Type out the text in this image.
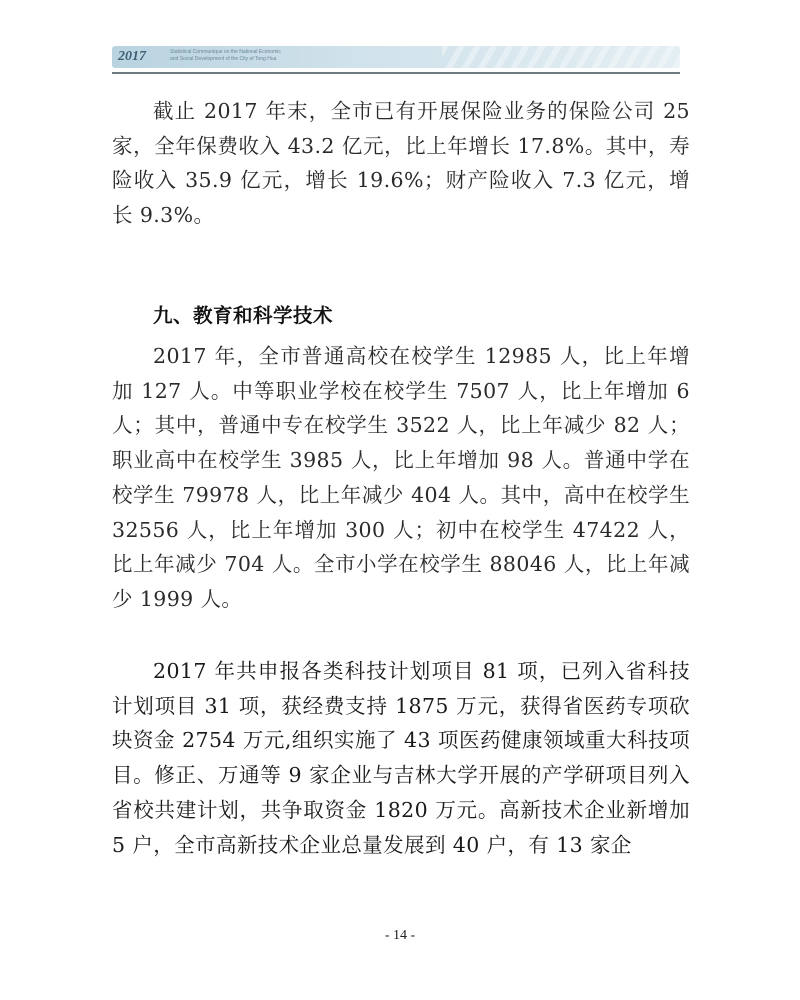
2017	Statistical Communique on the National Economic
and Social Development of the City of Tong Hua

截止 2017 年末，全市已有开展保险业务的保险公司 25 家，全年保费收入 43.2 亿元，比上年增长 17.8%。其中，寿险收入 35.9 亿元，增长 19.6%；财产险收入 7.3 亿元，增长 9.3%。

九、教育和科学技术

2017 年，全市普通高校在校学生 12985 人，比上年增加 127 人。中等职业学校在校学生 7507 人，比上年增加 6 人；其中，普通中专在校学生 3522 人，比上年减少 82 人；职业高中在校学生 3985 人，比上年增加 98 人。普通中学在校学生 79978 人，比上年减少 404 人。其中，高中在校学生 32556 人，比上年增加 300 人；初中在校学生 47422 人，比上年减少 704 人。全市小学在校学生 88046 人，比上年减少 1999 人。

2017 年共申报各类科技计划项目 81 项，已列入省科技计划项目 31 项，获经费支持 1875 万元，获得省医药专项砍块资金 2754 万元,组织实施了 43 项医药健康领域重大科技项目。修正、万通等 9 家企业与吉林大学开展的产学研项目列入省校共建计划，共争取资金 1820 万元。高新技术企业新增加 5 户，全市高新技术企业总量发展到 40 户，有 13 家企

- 14 -
